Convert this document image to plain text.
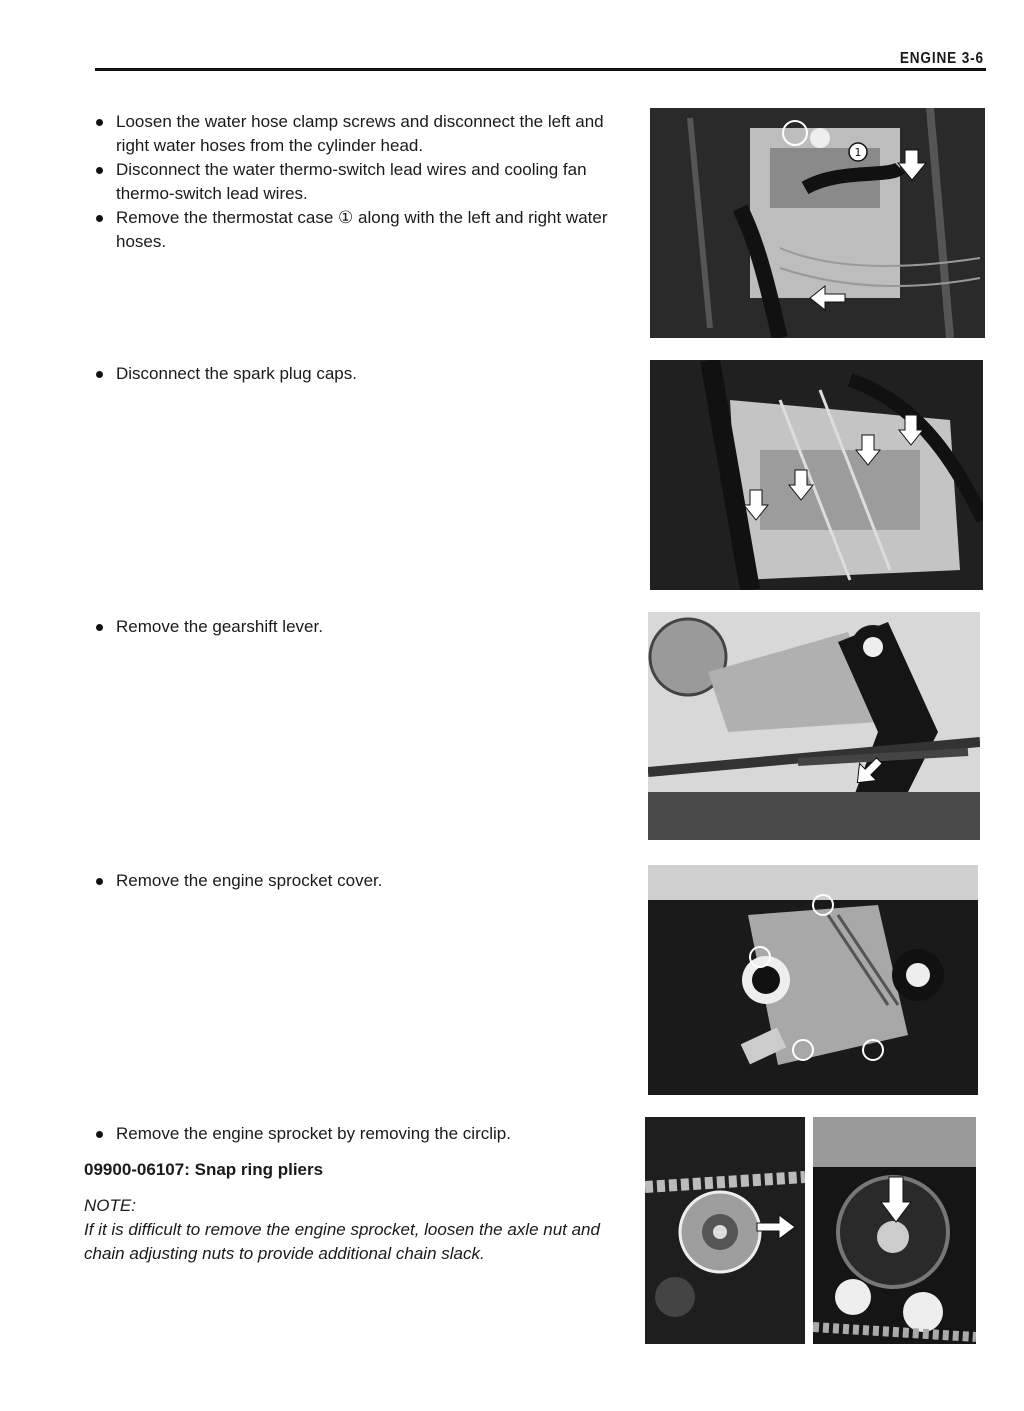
ENGINE 3-6
Loosen the water hose clamp screws and disconnect the left and right water hoses from the cylinder head.
Disconnect the water thermo-switch lead wires and cooling fan thermo-switch lead wires.
Remove the thermostat case ① along with the left and right water hoses.
Disconnect the spark plug caps.
Remove the gearshift lever.
Remove the engine sprocket cover.
Remove the engine sprocket by removing the circlip.
09900-06107: Snap ring pliers
NOTE:
If it is difficult to remove the engine sprocket, loosen the axle nut and chain adjusting nuts to provide additional chain slack.
1
